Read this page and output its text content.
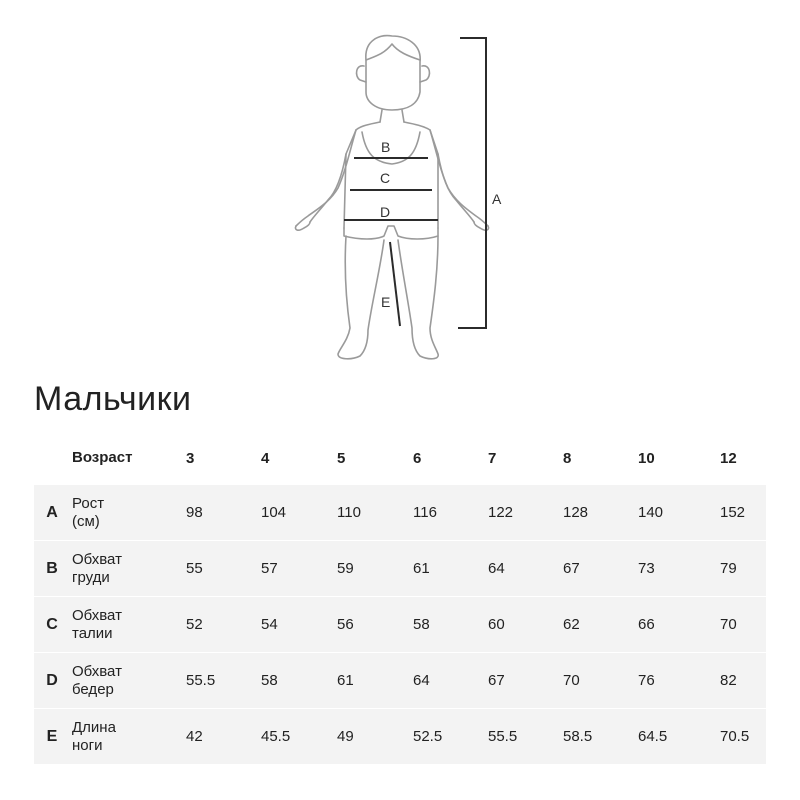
B
C
D
E
A
Мальчики
Возраст	3	4	5	6	7	8	10	12
A
Рост
(см)	98	104	110	116	122	128	140	152
B
Обхват
груди	55	57	59	61	64	67	73	79
C
Обхват
талии	52	54	56	58	60	62	66	70
D
Обхват
бедер	55.5	58	61	64	67	70	76	82
E
Длина
ноги	42	45.5	49	52.5	55.5	58.5	64.5	70.5
